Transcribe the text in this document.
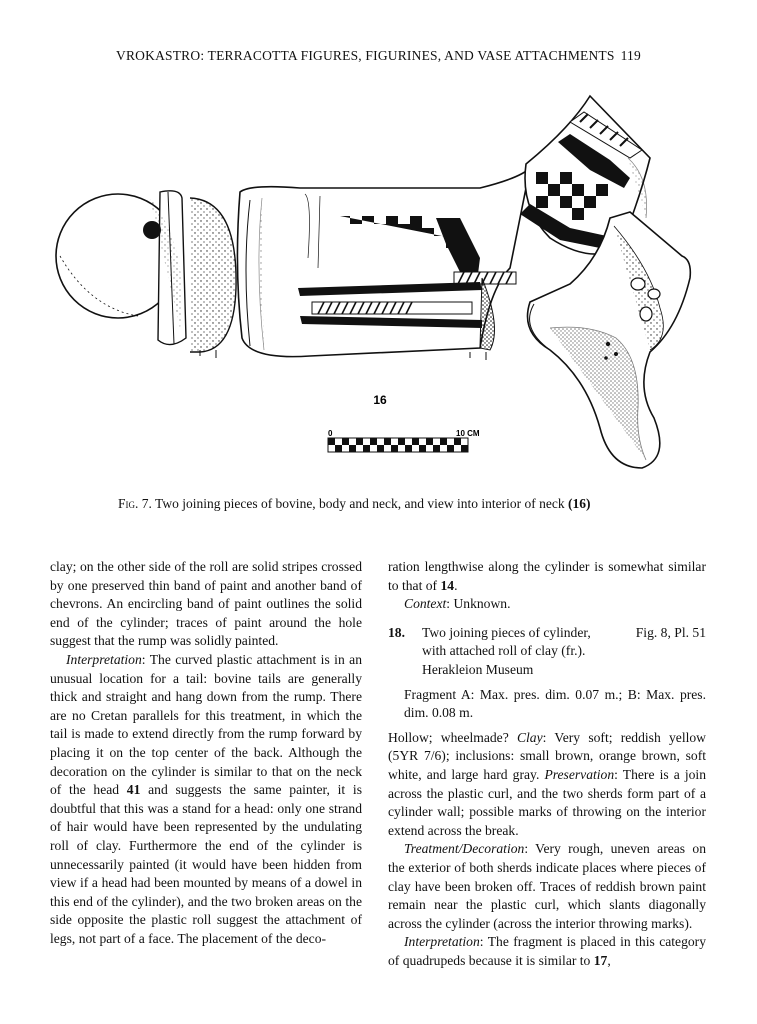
VROKASTRO: TERRACOTTA FIGURES, FIGURINES, AND VASE ATTACHMENTS 119
16
0	10 CM
Fig. 7. Two joining pieces of bovine, body and neck, and view into interior of neck (16)

clay; on the other side of the roll are solid stripes crossed by one preserved thin band of paint and another band of chevrons. An encircling band of paint outlines the solid end of the cylinder; traces of paint around the hole suggest that the rump was solidly painted.

Interpretation: The curved plastic attachment is in an unusual location for a tail: bovine tails are generally thick and straight and hang down from the rump. There are no Cretan parallels for this treatment, in which the tail is made to extend directly from the rump forward by placing it on the top center of the back. Although the decoration on the cylinder is similar to that on the neck of the head 41 and suggests the same painter, it is doubtful that this was a stand for a head: only one strand of hair would have been represented by the undulating roll of clay. Furthermore the end of the cylinder is unnecessarily painted (it would have been hidden from view if a head had been mounted by means of a dowel in this end of the cylinder), and the two broken areas on the side opposite the plastic roll suggest the attachment of legs, not part of a face. The placement of the deco-

ration lengthwise along the cylinder is somewhat similar to that of 14.

Context: Unknown.

18.	Two joining pieces of cylinder,	Fig. 8, Pl. 51
with attached roll of clay (fr.).
Herakleion Museum

Fragment A: Max. pres. dim. 0.07 m.; B: Max. pres. dim. 0.08 m.

Hollow; wheelmade? Clay: Very soft; reddish yellow (5YR 7/6); inclusions: small brown, orange brown, soft white, and large hard gray. Preservation: There is a join across the plastic curl, and the two sherds form part of a cylinder wall; possible marks of throwing on the interior extend across the break.

Treatment/Decoration: Very rough, uneven areas on the exterior of both sherds indicate places where pieces of clay have been broken off. Traces of reddish brown paint remain near the plastic curl, which slants diagonally across the cylinder (across the interior throwing marks).

Interpretation: The fragment is placed in this category of quadrupeds because it is similar to 17,
